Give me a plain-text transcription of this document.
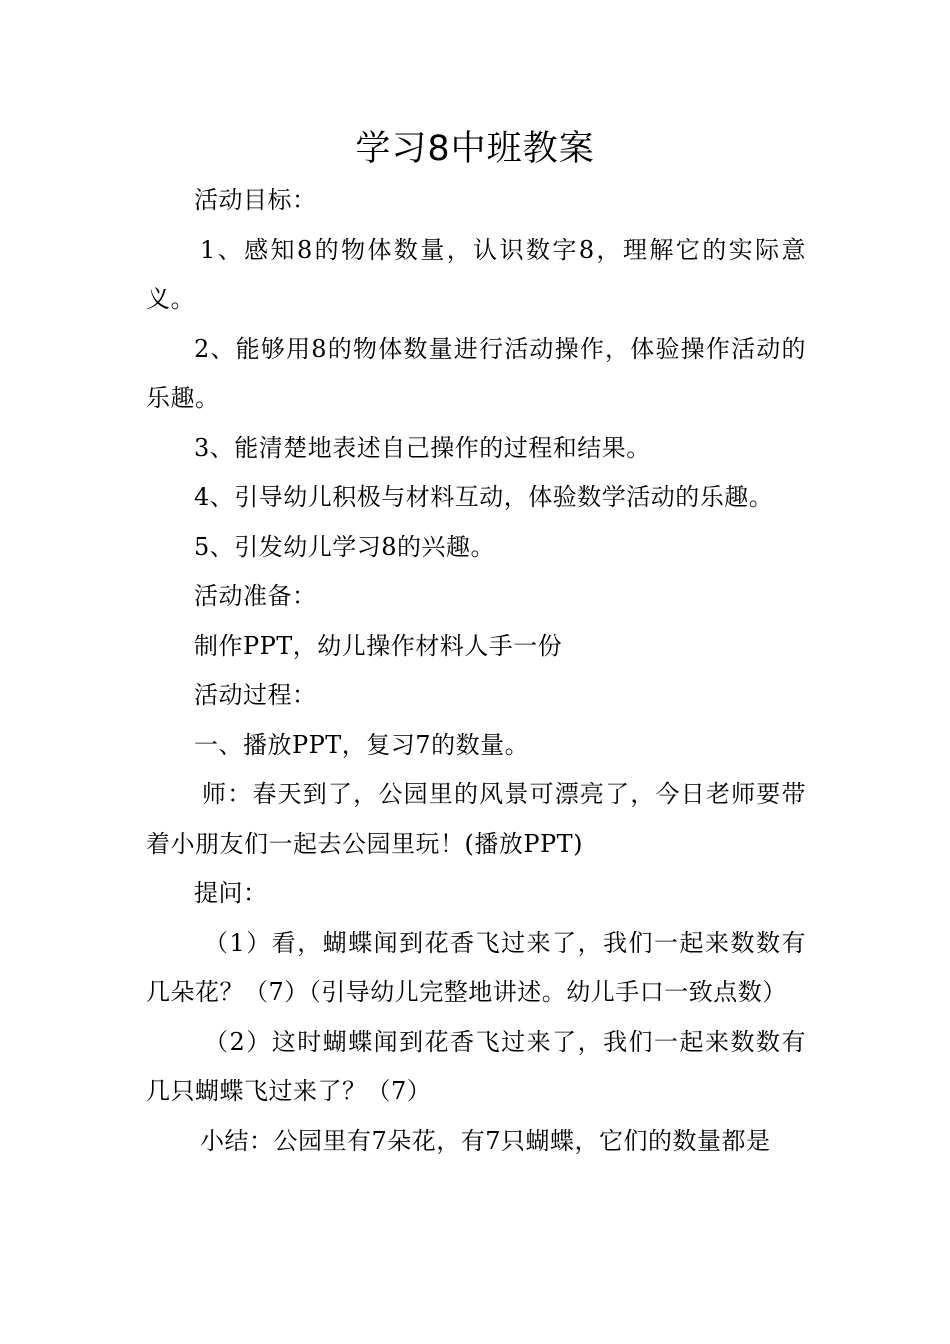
学习8中班教案

活动目标：

1、感知8的物体数量，认识数字8，理解它的实际意义。

2、能够用8的物体数量进行活动操作，体验操作活动的乐趣。

3、能清楚地表述自己操作的过程和结果。

4、引导幼儿积极与材料互动，体验数学活动的乐趣。

5、引发幼儿学习8的兴趣。

活动准备：

制作PPT，幼儿操作材料人手一份

活动过程：

一、播放PPT，复习7的数量。

师：春天到了，公园里的风景可漂亮了，今日老师要带着小朋友们一起去公园里玩！(播放PPT)

提问：

（1）看，蝴蝶闻到花香飞过来了，我们一起来数数有几朵花？（7）（引导幼儿完整地讲述。幼儿手口一致点数）

（2）这时蝴蝶闻到花香飞过来了，我们一起来数数有几只蝴蝶飞过来了？（7）

小结：公园里有7朵花，有7只蝴蝶，它们的数量都是
